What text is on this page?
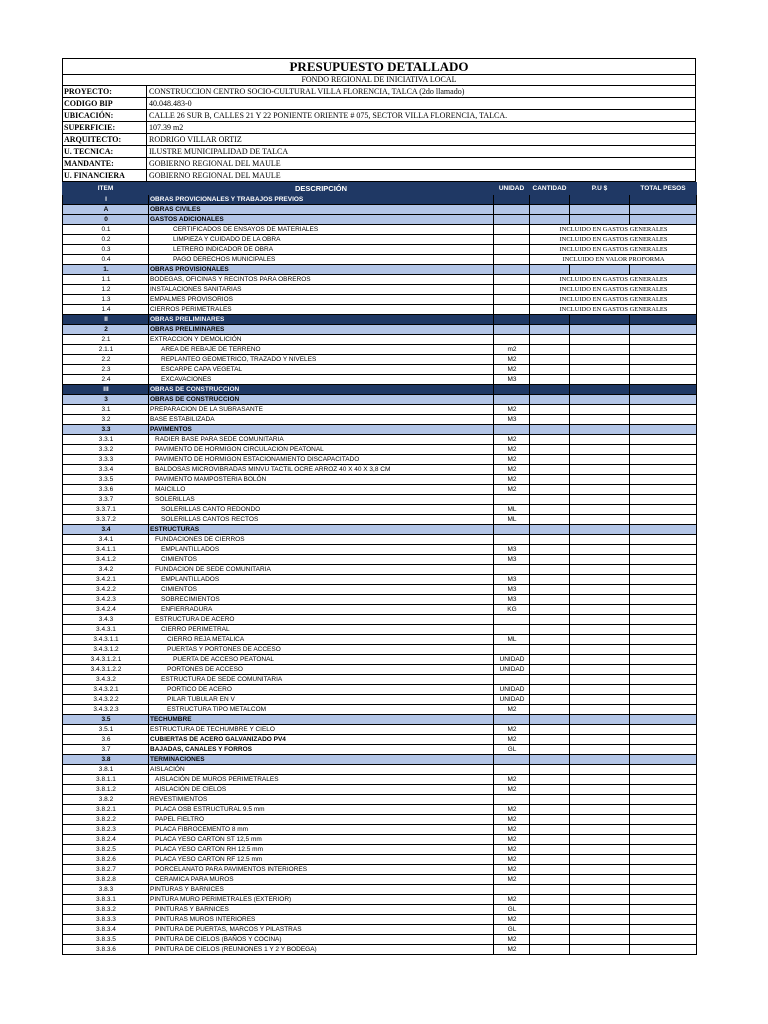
PRESUPUESTO DETALLADO
FONDO REGIONAL DE INICIATIVA LOCAL
PROYECTO:	CONSTRUCCION CENTRO SOCIO-CULTURAL VILLA FLORENCIA, TALCA (2do llamado)
CODIGO BIP	40.048.483-0
UBICACIÓN:	CALLE 26 SUR B, CALLES 21 Y 22 PONIENTE ORIENTE # 075, SECTOR VILLA FLORENCIA, TALCA.
SUPERFICIE:	107.39 m2
ARQUITECTO:	RODRIGO VILLAR ORTIZ
U. TECNICA:	ILUSTRE MUNICIPALIDAD DE TALCA
MANDANTE:	GOBIERNO REGIONAL DEL MAULE
U. FINANCIERA	GOBIERNO REGIONAL DEL MAULE
ITEM	DESCRIPCIÓN	UNIDAD	CANTIDAD	P.U $	TOTAL PESOS
I	OBRAS PROVICIONALES Y TRABAJOS PREVIOS				
A	OBRAS CIVILES				
0	GASTOS ADICIONALES				
0.1	CERTIFICADOS DE ENSAYOS DE MATERIALES		INCLUIDO EN GASTOS GENERALES		
0.2	LIMPIEZA Y CUIDADO DE LA OBRA		INCLUIDO EN GASTOS GENERALES		
0.3	LETRERO INDICADOR DE OBRA		INCLUIDO EN GASTOS GENERALES		
0.4	PAGO DERECHOS MUNICIPALES		INCLUIDO EN VALOR PROFORMA		
1.	OBRAS PROVISIONALES				
1.1	BODEGAS, OFICINAS Y RECINTOS PARA OBREROS		INCLUIDO EN GASTOS GENERALES		
1.2	INSTALACIONES SANITARIAS		INCLUIDO EN GASTOS GENERALES		
1.3	EMPALMES PROVISORIOS		INCLUIDO EN GASTOS GENERALES		
1.4	CIERROS PERIMETRALES		INCLUIDO EN GASTOS GENERALES		
II	OBRAS PRELIMINARES				
2	OBRAS PRELIMINARES				
2.1	EXTRACCION Y DEMOLICIÓN				
2.1.1	AREA DE REBAJE DE TERRENO	m2			
2.2	REPLANTEO GEOMETRICO, TRAZADO Y NIVELES	M2			
2.3	ESCARPE CAPA VEGETAL	M2			
2.4	EXCAVACIONES	M3			
III	OBRAS DE CONSTRUCCION				
3	OBRAS DE CONSTRUCCION				
3.1	PREPARACION DE LA SUBRASANTE	M2			
3.2	BASE ESTABILIZADA	M3			
3.3	PAVIMENTOS				
3.3.1	RADIER BASE PARA SEDE COMUNITARIA	M2			
3.3.2	PAVIMENTO DE HORMIGON CIRCULACION PEATONAL	M2			
3.3.3	PAVIMENTO DE HORMIGON ESTACIONAMIENTO DISCAPACITADO	M2			
3.3.4	BALDOSAS MICROVIBRADAS MINVU TACTIL OCRE ARROZ 40 X 40 X 3,8 CM	M2			
3.3.5	PAVIMENTO MAMPOSTERIA BOLÓN	M2			
3.3.6	MAICILLO	M2			
3.3.7	SOLERILLAS				
3.3.7.1	SOLERILLAS CANTO REDONDO	ML			
3.3.7.2	SOLERILLAS CANTOS RECTOS	ML			
3.4	ESTRUCTURAS				
3.4.1	FUNDACIONES DE CIERROS				
3.4.1.1	EMPLANTILLADOS	M3			
3.4.1.2	CIMIENTOS	M3			
3.4.2	FUNDACION DE SEDE COMUNITARIA				
3.4.2.1	EMPLANTILLADOS	M3			
3.4.2.2	CIMIENTOS	M3			
3.4.2.3	SOBRECIMIENTOS	M3			
3.4.2.4	ENFIERRADURA	KG			
3.4.3	ESTRUCTURA DE ACERO				
3.4.3.1	CIERRO PERIMETRAL				
3.4.3.1.1	CIERRO REJA METALICA	ML			
3.4.3.1.2	PUERTAS Y PORTONES DE ACCESO				
3.4.3.1.2.1	PUERTA DE ACCESO PEATONAL	UNIDAD			
3.4.3.1.2.2	PORTONES DE ACCESO	UNIDAD			
3.4.3.2	ESTRUCTURA DE SEDE COMUNITARIA				
3.4.3.2.1	PORTICO DE ACERO	UNIDAD			
3.4.3.2.2	PILAR TUBULAR EN V	UNIDAD			
3.4.3.2.3	ESTRUCTURA TIPO METALCOM	M2			
3.5	TECHUMBRE				
3.5.1	ESTRUCTURA DE TECHUMBRE Y CIELO	M2			
3.6	CUBIERTAS DE ACERO GALVANIZADO PV4	M2			
3.7	BAJADAS, CANALES Y FORROS	GL			
3.8	TERMINACIONES				
3.8.1	AISLACIÓN				
3.8.1.1	AISLACIÓN DE MUROS PERIMETRALES	M2			
3.8.1.2	AISLACIÓN DE CIELOS	M2			
3.8.2	REVESTIMIENTOS				
3.8.2.1	PLACA OSB ESTRUCTURAL 9.5 mm	M2			
3.8.2.2	PAPEL FIELTRO	M2			
3.8.2.3	PLACA FIBROCEMENTO 8 mm	M2			
3.8.2.4	PLACA YESO CARTON ST 12,5 mm	M2			
3.8.2.5	PLACA YESO CARTON RH 12.5 mm	M2			
3.8.2.6	PLACA YESO CARTON RF 12.5 mm	M2			
3.8.2.7	PORCELANATO PARA PAVIMENTOS INTERIORES	M2			
3.8.2.8	CERAMICA PARA MUROS	M2			
3.8.3	PINTURAS Y BARNICES				
3.8.3.1	PINTURA MURO PERIMETRALES (EXTERIOR)	M2			
3.8.3.2	PINTURAS Y BARNICES	GL			
3.8.3.3	PINTURAS MUROS INTERIORES	M2			
3.8.3.4	PINTURA DE PUERTAS, MARCOS Y PILASTRAS	GL			
3.8.3.5	PINTURA DE CIELOS (BAÑOS Y COCINA)	M2			
3.8.3.6	PINTURA DE CIELOS (REUNIONES 1 Y 2 Y BODEGA)	M2			
